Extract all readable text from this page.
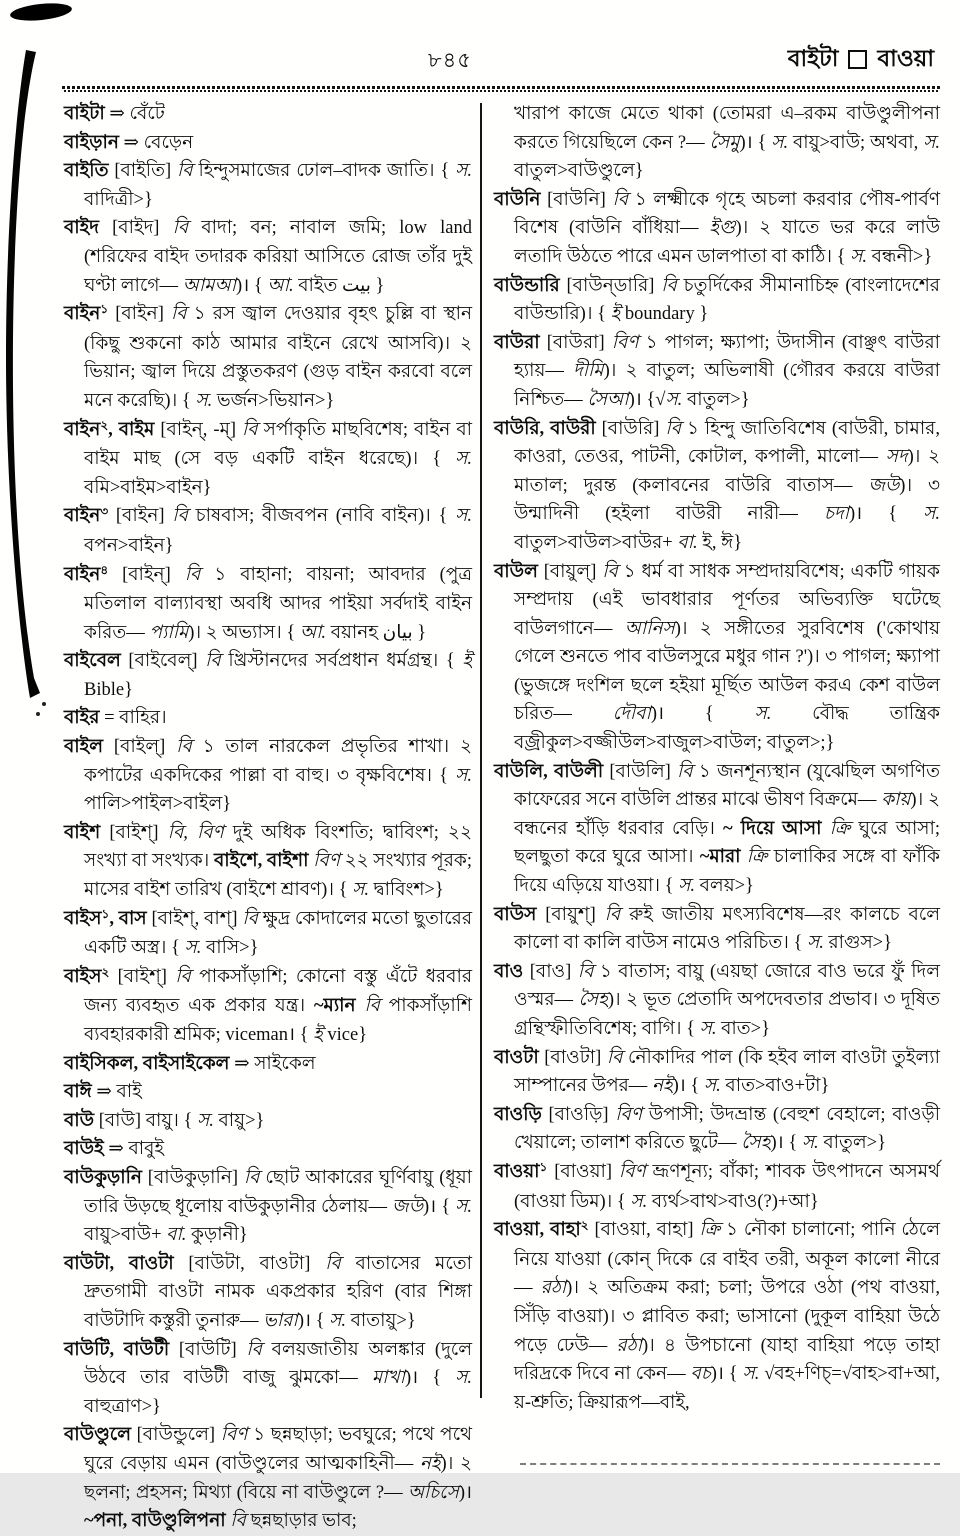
৮৪৫	বাইটা বাওয়া

বাইটা ⇒ বেঁটে

বাইড়ান ⇒ বেড়েন

বাইতি [বাইতি] বি হিন্দুসমাজের ঢোল–বাদক জাতি। { স. বাদিত্রী>}

বাইদ [বাইদ] বি বাদা; বন; নাবাল জমি; low land (শরিফের বাইদ তদারক করিয়া আসিতে রোজ তাঁর দুই ঘণ্টা লাগে— আমআ)। { আ. বাইত بيت }

বাইন$^১$ [বাইন] বি ১ রস জ্বাল দেওয়ার বৃহৎ চুল্লি বা স্থান (কিছু শুকনো কাঠ আমার বাইনে রেখে আসবি)। ২ ভিয়ান; জ্বাল দিয়ে প্রস্তুতকরণ (গুড় বাইন করবো বলে মনে করেছি)। { স. ভর্জন>ভিয়ান>}

বাইন$^২$, বাইম [বাইন্, -ম্] বি সর্পাকৃতি মাছবিশেষ; বাইন বা বাইম মাছ (সে বড় একটি বাইন ধরেছে)। { স. বমি>বাইম>বাইন}

বাইন$^৩$ [বাইন] বি চাষবাস; বীজবপন (নাবি বাইন)। { স. বপন>বাইন}

বাইন$^৪$ [বাইন্] বি ১ বাহানা; বায়না; আবদার (পুত্র মতিলাল বাল্যাবস্থা অবধি আদর পাইয়া সর্বদাই বাইন করিত— প্যামি)। ২ অভ্যাস। { আ. বয়ানহ بيان }

বাইবেল [বাইবেল্] বি খ্রিস্টানদের সর্বপ্রধান ধর্মগ্রন্থ। { ই Bible}

বাইর = বাহির।

বাইল [বাইল্] বি ১ তাল নারকেল প্রভৃতির শাখা। ২ কপাটের একদিকের পাল্লা বা বাহু। ৩ বৃক্ষবিশেষ। { স. পালি>পাইল>বাইল}

বাইশ [বাইশ্] বি, বিণ দুই অধিক বিংশতি; দ্বাবিংশ; ২২ সংখ্যা বা সংখ্যক। বাইশে, বাইশা বিণ ২২ সংখ্যার পূরক; মাসের বাইশ তারিখ (বাইশে শ্রাবণ)। { স. দ্বাবিংশ>}

বাইস$^১$, বাস [বাইশ্, বাশ্] বি ক্ষুদ্র কোদালের মতো ছুতারের একটি অস্ত্র। { স. বাসি>}

বাইস$^২$ [বাইশ্] বি পাকসাঁড়াশি; কোনো বস্তু এঁটে ধরবার জন্য ব্যবহৃত এক প্রকার যন্ত্র। ~ম্যান বি পাকসাঁড়াশি ব্যবহারকারী শ্রমিক; viceman। { ই vice}

বাইসিকল, বাইসাইকেল ⇒ সাইকেল

বাঈ ⇒ বাই

বাউ [বাউ] বায়ু। { স. বায়ু>}

বাউই ⇒ বাবুই

বাউকুড়ানি [বাউকুড়ানি] বি ছোট আকারের ঘূর্ণিবায়ু (ধূয়া তারি উড়ছে ধূলোয় বাউকুড়ানীর ঠেলায়— জউ)। { স. বায়ু>বাউ+ বা. কুড়ানী}

বাউটা, বাওটা [বাউটা, বাওটা] বি বাতাসের মতো দ্রুতগামী বাওটা নামক একপ্রকার হরিণ (বার শিঙ্গা বাউটাদি কস্তুরী তুনারু— ভারা)। { স. বাতায়ু>}

বাউটি, বাউটী [বাউটি] বি বলয়জাতীয় অলঙ্কার (দুলে উঠবে তার বাউটী বাজু ঝুমকো— মাখা)। { স. বাহুত্রাণ>}

বাউণ্ডুলে [বাউন্ডুলে] বিণ ১ ছন্নছাড়া; ভবঘুরে; পথে পথে ঘুরে বেড়ায় এমন (বাউণ্ডুলের আত্মকাহিনী— নই)। ২ ছলনা; প্রহসন; মিথ্যা (বিয়ে না বাউণ্ডুলে ?— অচিসে)। ~পনা, বাউণ্ডুলিপনা বি ছন্নছাড়ার ভাব;

খারাপ কাজে মেতে থাকা (তোমরা এ–রকম বাউণ্ডুলীপনা করতে গিয়েছিলে কেন ?— সৈমু)। { স. বায়ু>বাউ; অথবা, স. বাতুল>বাউণ্ডুলে}

বাউনি [বাউনি] বি ১ লক্ষ্মীকে গৃহে অচলা করবার পৌষ-পার্বণ বিশেষ (বাউনি বাঁধিয়া— ইগু)। ২ যাতে ভর করে লাউ লতাদি উঠতে পারে এমন ডালপাতা বা কাঠি। { স. বন্ধনী>}

বাউন্ডারি [বাউন্‌ডারি] বি চতুর্দিকের সীমানাচিহ্ন (বাংলাদেশের বাউন্ডারি)। { ই boundary }

বাউরা [বাউরা] বিণ ১ পাগল; ক্ষ্যাপা; উদাসীন (বাঞ্ছৎ বাউরা হ্যায়— দীমি)। ২ বাতুল; অভিলাষী (গৌরব করয়ে বাউরা নিশ্চিত— সৈআ)। {√স. বাতুল>}

বাউরি, বাউরী [বাউরি] বি ১ হিন্দু জাতিবিশেষ (বাউরী, চামার, কাওরা, তেওর, পাটনী, কোটাল, কপালী, মালো— সদ)। ২ মাতাল; দুরন্ত (কলাবনের বাউরি বাতাস— জউ)। ৩ উন্মাদিনী (হইলা বাউরী নারী— চদা)। { স. বাতুল>বাউল>বাউর+ বা. ই, ঈ}

বাউল [বায়ুল্] বি ১ ধর্ম বা সাধক সম্প্রদায়বিশেষ; একটি গায়ক সম্প্রদায় (এই ভাবধারার পূর্ণতর অভিব্যক্তি ঘটেছে বাউলগানে— আনিস)। ২ সঙ্গীতের সুরবিশেষ ('কোথায় গেলে শুনতে পাব বাউলসুরে মধুর গান ?')। ৩ পাগল; ক্ষ্যাপা (ভুজঙ্গে দংশিল ছলে হইয়া মূর্ছিত আউল করএ কেশ বাউল চরিত— দৌবা)। { স. বৌদ্ধ তান্ত্রিক বজ্রীকুল>বজ্জীউল>বাজুল>বাউল; বাতুল>;}

বাউলি, বাউলী [বাউলি] বি ১ জনশূন্যস্থান (যুঝেছিল অগণিত কাফেরের সনে বাউলি প্রান্তর মাঝে ভীষণ বিক্রমে— কায়)। ২ বন্ধনের হাঁড়ি ধরবার বেড়ি। ~ দিয়ে আসা ক্রি ঘুরে আসা; ছলছুতা করে ঘুরে আসা। ~মারা ক্রি চালাকির সঙ্গে বা ফাঁকি দিয়ে এড়িয়ে যাওয়া। { স. বলয়>}

বাউস [বায়ুশ্] বি রুই জাতীয় মৎস্যবিশেষ—রং কালচে বলে কালো বা কালি বাউস নামেও পরিচিত। { স. রাগুস>}

বাও [বাও] বি ১ বাতাস; বায়ু (এয়ছা জোরে বাও ভরে ফুঁ দিল ওস্মর— সৈহ)। ২ ভূত প্রেতাদি অপদেবতার প্রভাব। ৩ দূষিত গ্রন্থিস্ফীতিবিশেষ; বাগি। { স. বাত>}

বাওটা [বাওটা] বি নৌকাদির পাল (কি হইব লাল বাওটা তুইল্যা সাম্পানের উপর— নই)। { স. বাত>বাও+টা}

বাওড়ি [বাওড়ি] বিণ উপাসী; উদভ্রান্ত (বেহুশ বেহালে; বাওড়ী খেয়ালে; তালাশ করিতে ছুটে— সৈহ)। { স. বাতুল>}

বাওয়া$^১$ [বাওয়া] বিণ ভ্রূণশূন্য; বাঁকা; শাবক উৎপাদনে অসমর্থ (বাওয়া ডিম)। { স. ব্যর্থ>বাথ>বাও(?)+আ}

বাওয়া, বাহা$^২$ [বাওয়া, বাহা] ক্রি ১ নৌকা চালানো; পানি ঠেলে নিয়ে যাওয়া (কোন্ দিকে রে বাইব তরী, অকূল কালো নীরে— রঠা)। ২ অতিক্রম করা; চলা; উপরে ওঠা (পথ বাওয়া, সিঁড়ি বাওয়া)। ৩ প্লাবিত করা; ভাসানো (দুকূল বাহিয়া উঠে পড়ে ঢেউ— রঠা)। ৪ উপচানো (যাহা বাহিয়া পড়ে তাহা দরিদ্রকে দিবে না কেন— বচ)। { স. √বহ+ণিচ্=√বাহ>বা+আ, য়-শ্রুতি; ক্রিয়ারূপ—বাই,
